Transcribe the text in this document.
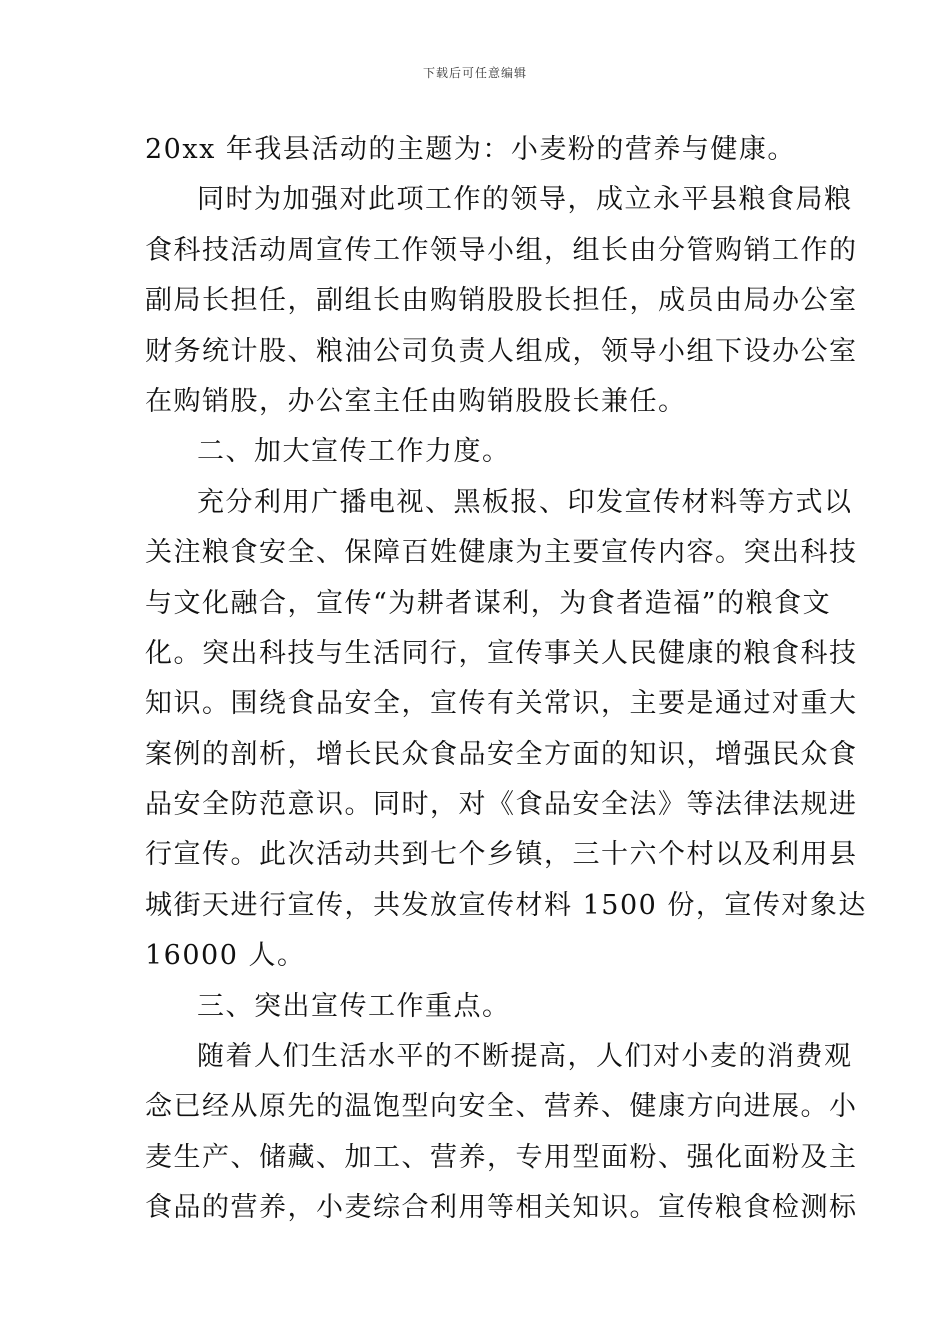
下载后可任意编辑
20xx 年我县活动的主题为：小麦粉的营养与健康。
同时为加强对此项工作的领导，成立永平县粮食局粮
食科技活动周宣传工作领导小组，组长由分管购销工作的
副局长担任，副组长由购销股股长担任，成员由局办公室
财务统计股、粮油公司负责人组成，领导小组下设办公室
在购销股，办公室主任由购销股股长兼任。
二、加大宣传工作力度。
充分利用广播电视、黑板报、印发宣传材料等方式以
关注粮食安全、保障百姓健康为主要宣传内容。突出科技
与文化融合，宣传“为耕者谋利，为食者造福”的粮食文
化。突出科技与生活同行，宣传事关人民健康的粮食科技
知识。围绕食品安全，宣传有关常识，主要是通过对重大
案例的剖析，增长民众食品安全方面的知识，增强民众食
品安全防范意识。同时，对《食品安全法》等法律法规进
行宣传。此次活动共到七个乡镇，三十六个村以及利用县
城街天进行宣传，共发放宣传材料 1500 份，宣传对象达
16000 人。
三、突出宣传工作重点。
随着人们生活水平的不断提高，人们对小麦的消费观
念已经从原先的温饱型向安全、营养、健康方向进展。小
麦生产、储藏、加工、营养，专用型面粉、强化面粉及主
食品的营养，小麦综合利用等相关知识。宣传粮食检测标
